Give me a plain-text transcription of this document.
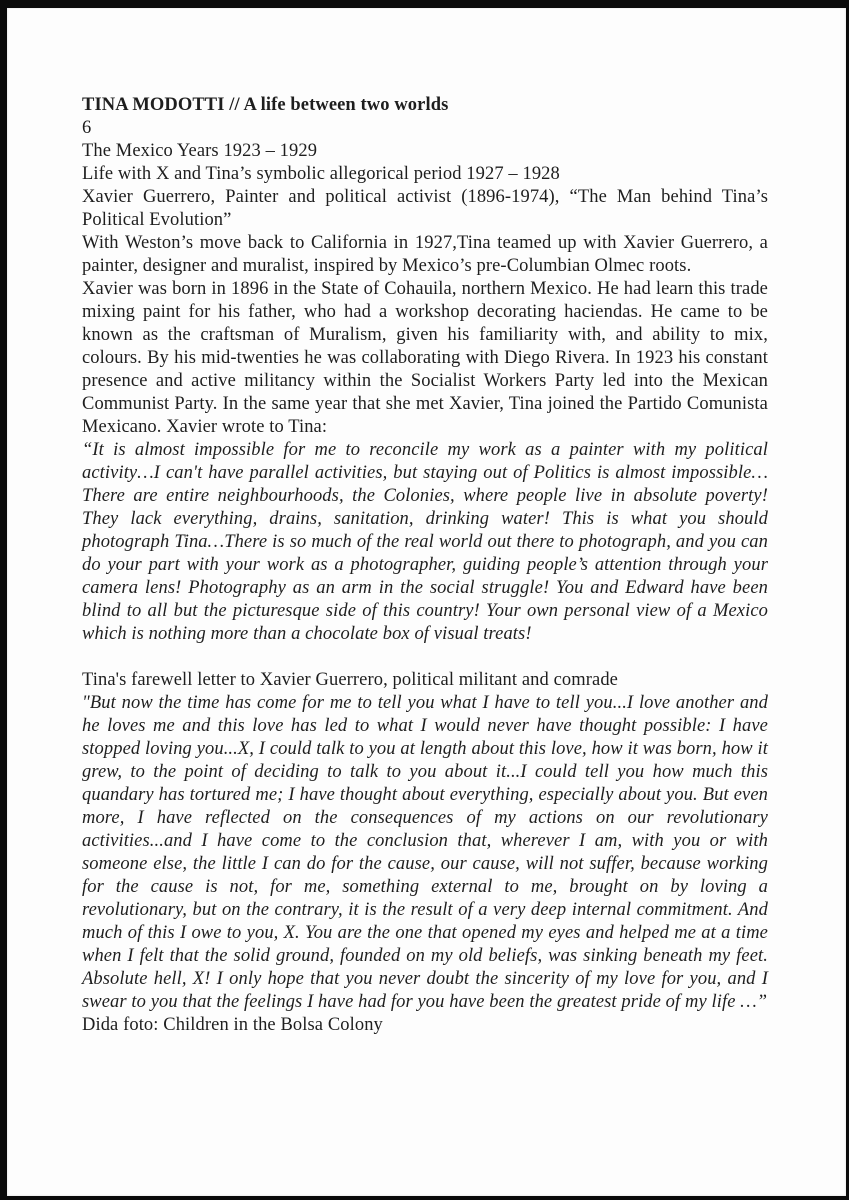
TINA MODOTTI // A life between two worlds

6

The Mexico Years 1923 – 1929

Life with X and Tina’s symbolic allegorical period 1927 – 1928

Xavier Guerrero, Painter and political activist (1896-1974), “The Man behind Tina’s Political Evolution”

With Weston’s move back to California in 1927,Tina teamed up with Xavier Guerrero, a painter, designer and muralist, inspired by Mexico’s pre-Columbian Olmec roots.

Xavier was born in 1896 in the State of Cohauila, northern Mexico. He had learn this trade mixing paint for his father, who had a workshop decorating haciendas. He came to be known as the craftsman of Muralism, given his familiarity with, and ability to mix, colours. By his mid-twenties he was collaborating with Diego Rivera. In 1923 his constant presence and active militancy within the Socialist Workers Party led into the Mexican Communist Party. In the same year that she met Xavier, Tina joined the Partido Comunista Mexicano. Xavier wrote to Tina:

“It is almost impossible for me to reconcile my work as a painter with my political activity…I can't have parallel activities, but staying out of Politics is almost impossible…There are entire neighbourhoods, the Colonies, where people live in absolute poverty! They lack everything, drains, sanitation, drinking water! This is what you should photograph Tina…There is so much of the real world out there to photograph, and you can do your part with your work as a photographer, guiding people’s attention through your camera lens! Photography as an arm in the social struggle! You and Edward have been blind to all but the picturesque side of this country! Your own personal view of a Mexico which is nothing more than a chocolate box of visual treats!

Tina's farewell letter to Xavier Guerrero, political militant and comrade

"But now the time has come for me to tell you what I have to tell you...I love another and he loves me and this love has led to what I would never have thought possible: I have stopped loving you...X, I could talk to you at length about this love, how it was born, how it grew, to the point of deciding to talk to you about it...I could tell you how much this quandary has tortured me; I have thought about everything, especially about you. But even more, I have reflected on the consequences of my actions on our revolutionary activities...and I have come to the conclusion that, wherever I am, with you or with someone else, the little I can do for the cause, our cause, will not suffer, because working for the cause is not, for me, something external to me, brought on by loving a revolutionary, but on the contrary, it is the result of a very deep internal commitment. And much of this I owe to you, X. You are the one that opened my eyes and helped me at a time when I felt that the solid ground, founded on my old beliefs, was sinking beneath my feet. Absolute hell, X! I only hope that you never doubt the sincerity of my love for you, and I swear to you that the feelings I have had for you have been the greatest pride of my life …”

Dida foto: Children in the Bolsa Colony
